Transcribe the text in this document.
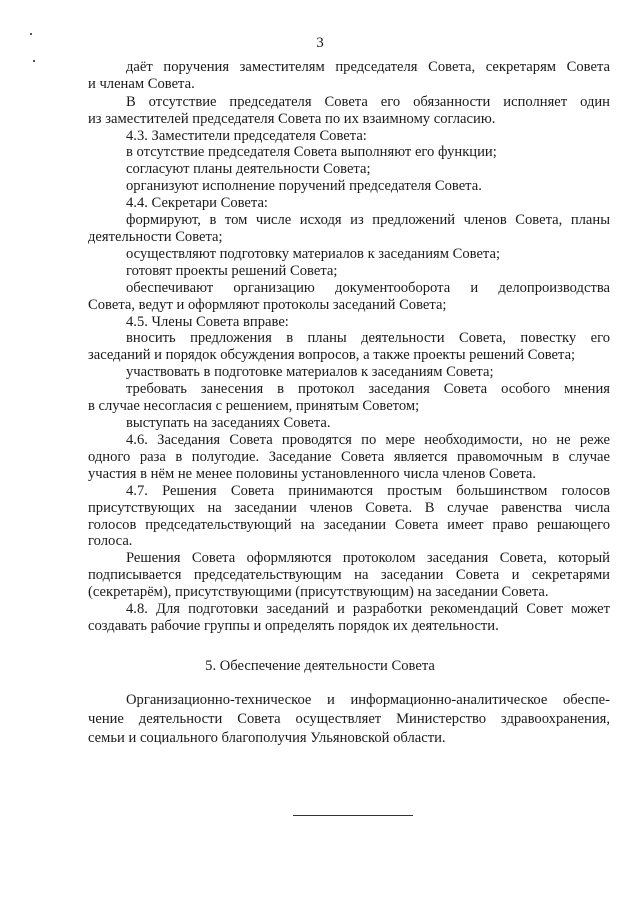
3
даёт поручения заместителям председателя Совета, секретарям Совета
и членам Совета.
В отсутствие председателя Совета его обязанности исполняет один
из заместителей председателя Совета по их взаимному согласию.
4.3. Заместители председателя Совета:
в отсутствие председателя Совета выполняют его функции;
согласуют планы деятельности Совета;
организуют исполнение поручений председателя Совета.
4.4. Секретари Совета:
формируют, в том числе исходя из предложений членов Совета, планы
деятельности Совета;
осуществляют подготовку материалов к заседаниям Совета;
готовят проекты решений Совета;
обеспечивают организацию документооборота и делопроизводства
Совета, ведут и оформляют протоколы заседаний Совета;
4.5. Члены Совета вправе:
вносить предложения в планы деятельности Совета, повестку его
заседаний и порядок обсуждения вопросов, а также проекты решений Совета;
участвовать в подготовке материалов к заседаниям Совета;
требовать занесения в протокол заседания Совета особого мнения
в случае несогласия с решением, принятым Советом;
выступать на заседаниях Совета.
4.6. Заседания Совета проводятся по мере необходимости, но не реже
одного раза в полугодие. Заседание Совета является правомочным в случае
участия в нём не менее половины установленного числа членов Совета.
4.7. Решения Совета принимаются простым большинством голосов
присутствующих на заседании членов Совета. В случае равенства числа
голосов председательствующий на заседании Совета имеет право решающего
голоса.
Решения Совета оформляются протоколом заседания Совета, который
подписывается председательствующим на заседании Совета и секретарями
(секретарём), присутствующими (присутствующим) на заседании Совета.
4.8. Для подготовки заседаний и разработки рекомендаций Совет может
создавать рабочие группы и определять порядок их деятельности.
5. Обеспечение деятельности Совета
Организационно-техническое и информационно-аналитическое обеспе-
чение деятельности Совета осуществляет Министерство здравоохранения,
семьи и социального благополучия Ульяновской области.
